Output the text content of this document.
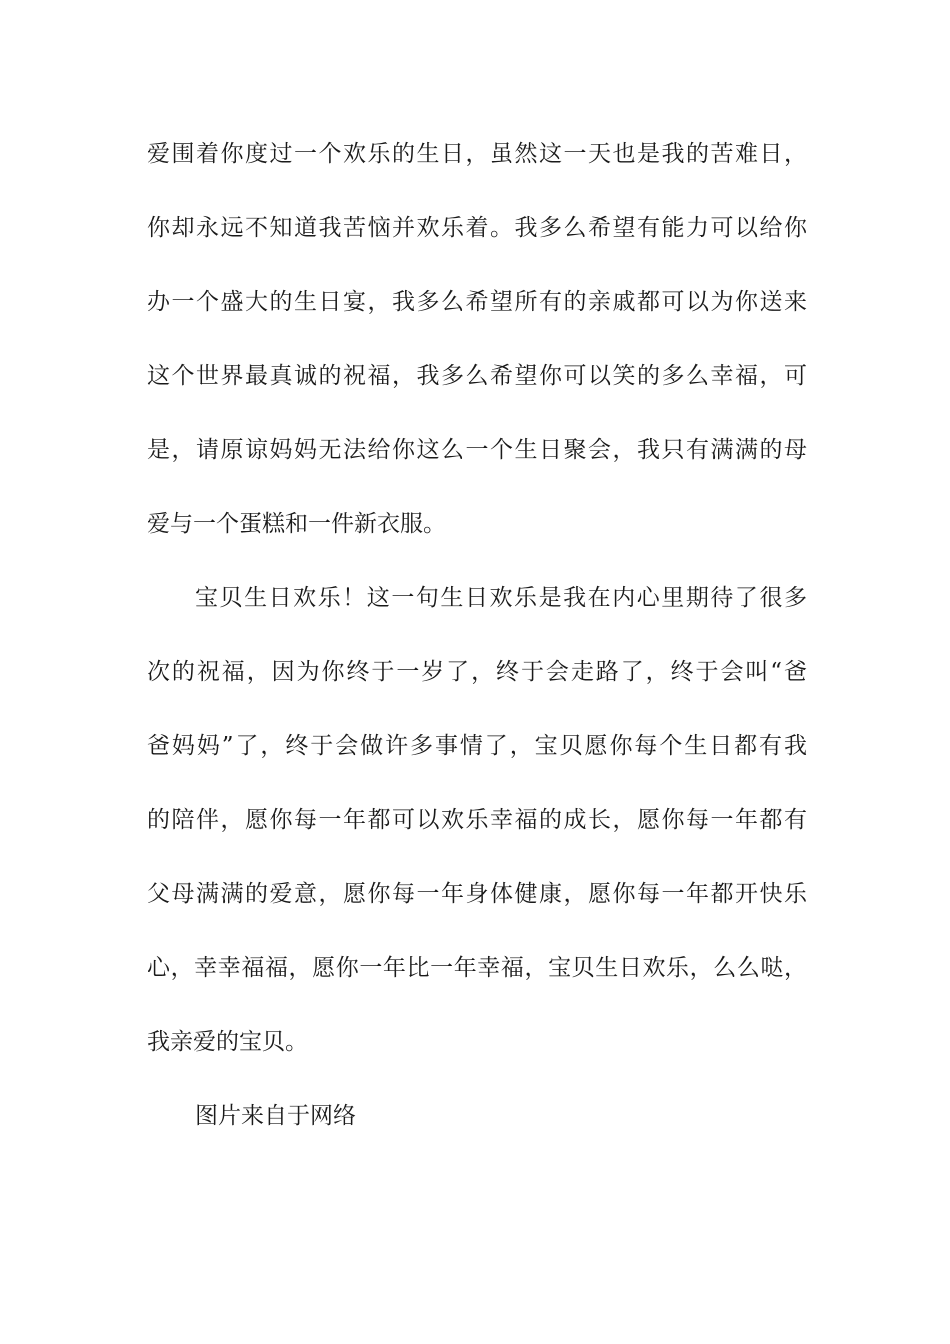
爱围着你度过一个欢乐的生日，虽然这一天也是我的苦难日，
你却永远不知道我苦恼并欢乐着。我多么希望有能力可以给你
办一个盛大的生日宴，我多么希望所有的亲戚都可以为你送来
这个世界最真诚的祝福，我多么希望你可以笑的多么幸福，可
是，请原谅妈妈无法给你这么一个生日聚会，我只有满满的母
爱与一个蛋糕和一件新衣服。
宝贝生日欢乐！这一句生日欢乐是我在内心里期待了很多
次的祝福，因为你终于一岁了，终于会走路了，终于会叫“爸
爸妈妈”了，终于会做许多事情了，宝贝愿你每个生日都有我
的陪伴，愿你每一年都可以欢乐幸福的成长，愿你每一年都有
父母满满的爱意，愿你每一年身体健康，愿你每一年都开快乐
心，幸幸福福，愿你一年比一年幸福，宝贝生日欢乐，么么哒，
我亲爱的宝贝。
图片来自于网络
